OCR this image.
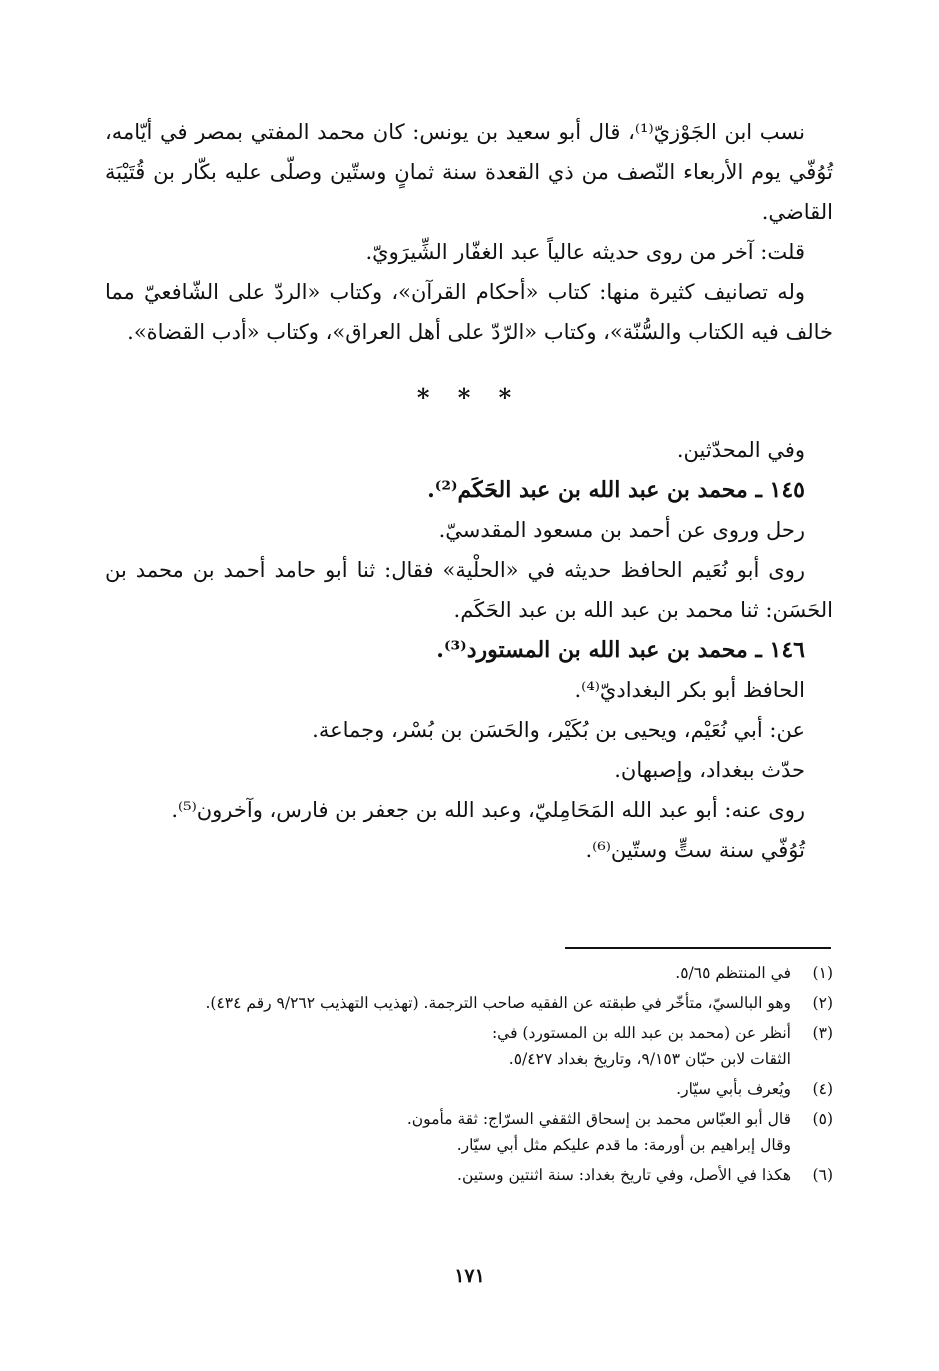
نسب ابن الجَوْزيّ⁽¹⁾، قال أبو سعيد بن يونس: كان محمد المفتي بمصر في أيّامه، تُوُفّي يوم الأربعاء النّصف من ذي القعدة سنة ثمانٍ وستّين وصلّى عليه بكّار بن قُتَيْبَة القاضي.

قلت: آخر من روى حديثه عالياً عبد الغفّار الشِّيرَويّ.

وله تصانيف كثيرة منها: كتاب «أحكام القرآن»، وكتاب «الردّ على الشّافعيّ مما خالف فيه الكتاب والسُّنّة»، وكتاب «الرّدّ على أهل العراق»، وكتاب «أدب القضاة».

* * *

وفي المحدّثين.

١٤٥ ـ محمد بن عبد الله بن عبد الحَكَم⁽²⁾.

رحل وروى عن أحمد بن مسعود المقدسيّ.

روى أبو نُعَيم الحافظ حديثه في «الحلْية» فقال: ثنا أبو حامد أحمد بن محمد بن الحَسَن: ثنا محمد بن عبد الله بن عبد الحَكَم.

١٤٦ ـ محمد بن عبد الله بن المستورد⁽³⁾.

الحافظ أبو بكر البغداديّ⁽⁴⁾.

عن: أبي نُعَيْم، ويحيى بن بُكَيْر، والحَسَن بن بُسْر، وجماعة.

حدّث ببغداد، وإصبهان.

روى عنه: أبو عبد الله المَحَامِليّ، وعبد الله بن جعفر بن فارس، وآخرون⁽⁵⁾.

تُوُفّي سنة ستٍّ وستّين⁽⁶⁾.

(١)
في المنتظم ٥/٦٥.
(٢)
وهو البالسيّ، متأخّر في طبقته عن الفقيه صاحب الترجمة. (تهذيب التهذيب ٩/٢٦٢ رقم ٤٣٤).
(٣)
أنظر عن (محمد بن عبد الله بن المستورد) في:
الثقات لابن حبّان ٩/١٥٣، وتاريخ بغداد ٥/٤٢٧.
(٤)
ويُعرف بأبي سيّار.
(٥)
قال أبو العبّاس محمد بن إسحاق الثقفي السرّاج: ثقة مأمون.
وقال إبراهيم بن أورمة: ما قدم عليكم مثل أبي سيّار.
(٦)
هكذا في الأصل، وفي تاريخ بغداد: سنة اثنتين وستين.
١٧١
